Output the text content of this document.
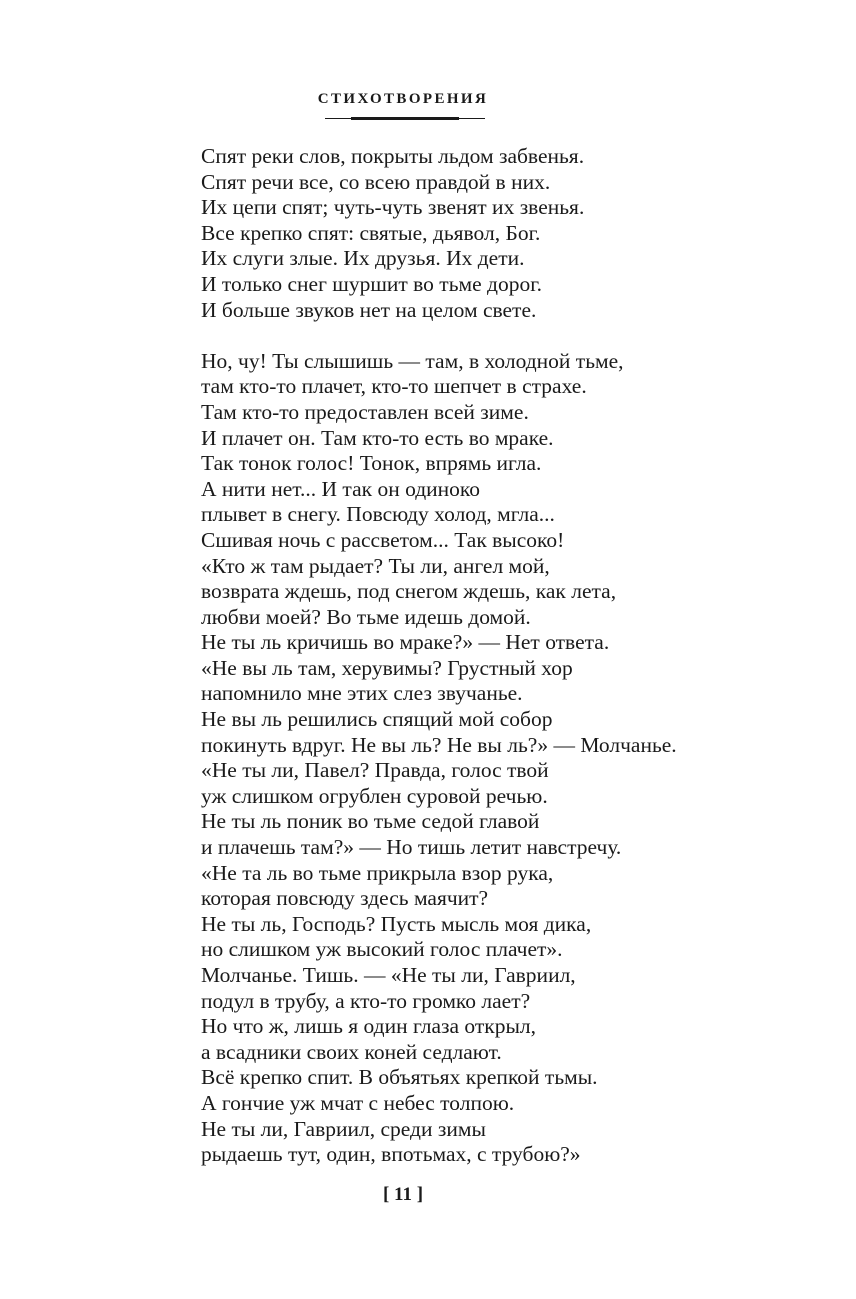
СТИХОТВОРЕНИЯ
Спят реки слов, покрыты льдом забвенья.
Спят речи все, со всею правдой в них.
Их цепи спят; чуть-чуть звенят их звенья.
Все крепко спят: святые, дьявол, Бог.
Их слуги злые. Их друзья. Их дети.
И только снег шуршит во тьме дорог.
И больше звуков нет на целом свете.
Но, чу! Ты слышишь — там, в холодной тьме,
там кто-то плачет, кто-то шепчет в страхе.
Там кто-то предоставлен всей зиме.
И плачет он. Там кто-то есть во мраке.
Так тонок голос! Тонок, впрямь игла.
А нити нет... И так он одиноко
плывет в снегу. Повсюду холод, мгла...
Сшивая ночь с рассветом... Так высоко!
«Кто ж там рыдает? Ты ли, ангел мой,
возврата ждешь, под снегом ждешь, как лета,
любви моей? Во тьме идешь домой.
Не ты ль кричишь во мраке?» — Нет ответа.
«Не вы ль там, херувимы? Грустный хор
напомнило мне этих слез звучанье.
Не вы ль решились спящий мой собор
покинуть вдруг. Не вы ль? Не вы ль?» — Молчанье.
«Не ты ли, Павел? Правда, голос твой
уж слишком огрублен суровой речью.
Не ты ль поник во тьме седой главой
и плачешь там?» — Но тишь летит навстречу.
«Не та ль во тьме прикрыла взор рука,
которая повсюду здесь маячит?
Не ты ль, Господь? Пусть мысль моя дика,
но слишком уж высокий голос плачет».
Молчанье. Тишь. — «Не ты ли, Гавриил,
подул в трубу, а кто-то громко лает?
Но что ж, лишь я один глаза открыл,
а всадники своих коней седлают.
Всё крепко спит. В объятьях крепкой тьмы.
А гончие уж мчат с небес толпою.
Не ты ли, Гавриил, среди зимы
рыдаешь тут, один, впотьмах, с трубою?»
[ 11 ]
